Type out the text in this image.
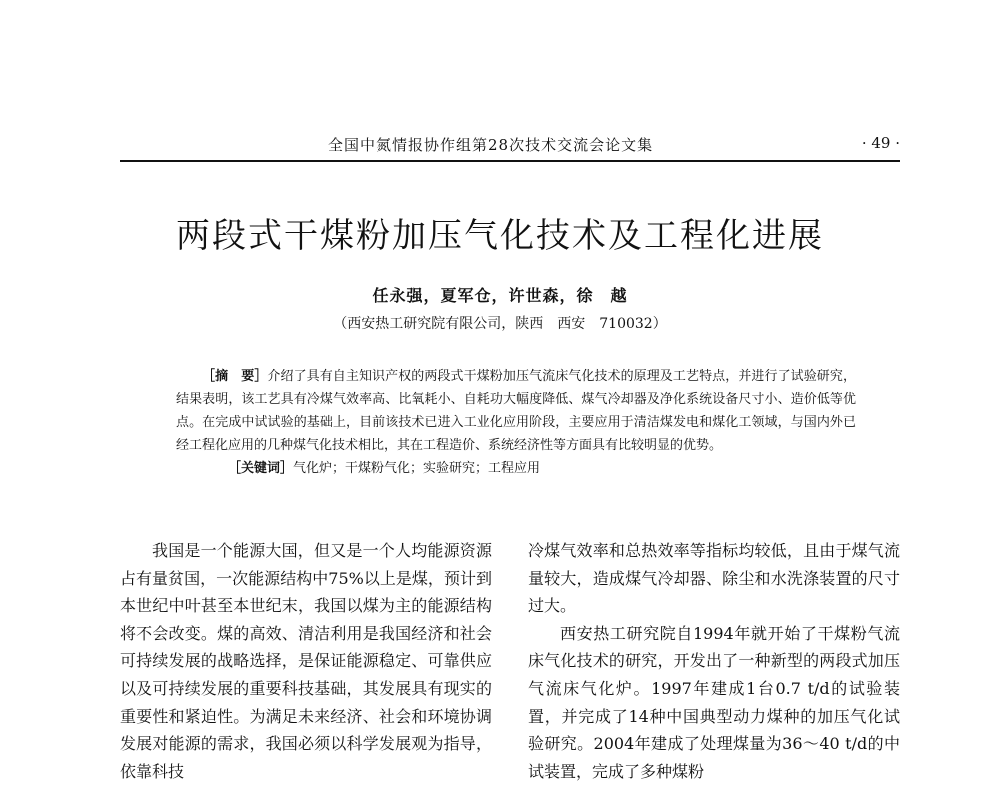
全国中氮情报协作组第28次技术交流会论文集	· 49 ·
两段式干煤粉加压气化技术及工程化进展
任永强，夏军仓，许世森，徐　越
（西安热工研究院有限公司，陕西　西安　710032）

［摘　要］介绍了具有自主知识产权的两段式干煤粉加压气流床气化技术的原理及工艺特点，并进行了试验研究，结果表明，该工艺具有冷煤气效率高、比氧耗小、自耗功大幅度降低、煤气冷却器及净化系统设备尺寸小、造价低等优点。在完成中试试验的基础上，目前该技术已进入工业化应用阶段，主要应用于清洁煤发电和煤化工领域，与国内外已经工程化应用的几种煤气化技术相比，其在工程造价、系统经济性等方面具有比较明显的优势。

［关键词］气化炉；干煤粉气化；实验研究；工程应用

我国是一个能源大国，但又是一个人均能源资源占有量贫国，一次能源结构中75%以上是煤，预计到本世纪中叶甚至本世纪末，我国以煤为主的能源结构将不会改变。煤的高效、清洁利用是我国经济和社会可持续发展的战略选择，是保证能源稳定、可靠供应以及可持续发展的重要科技基础，其发展具有现实的重要性和紧迫性。为满足未来经济、社会和环境协调发展对能源的需求，我国必须以科学发展观为指导，依靠科技

冷煤气效率和总热效率等指标均较低，且由于煤气流量较大，造成煤气冷却器、除尘和水洗涤装置的尺寸过大。

西安热工研究院自1994年就开始了干煤粉气流床气化技术的研究，开发出了一种新型的两段式加压气流床气化炉。1997年建成1台0.7 t/d的试验装置，并完成了14种中国典型动力煤种的加压气化试验研究。2004年建成了处理煤量为36～40 t/d的中试装置，完成了多种煤粉
